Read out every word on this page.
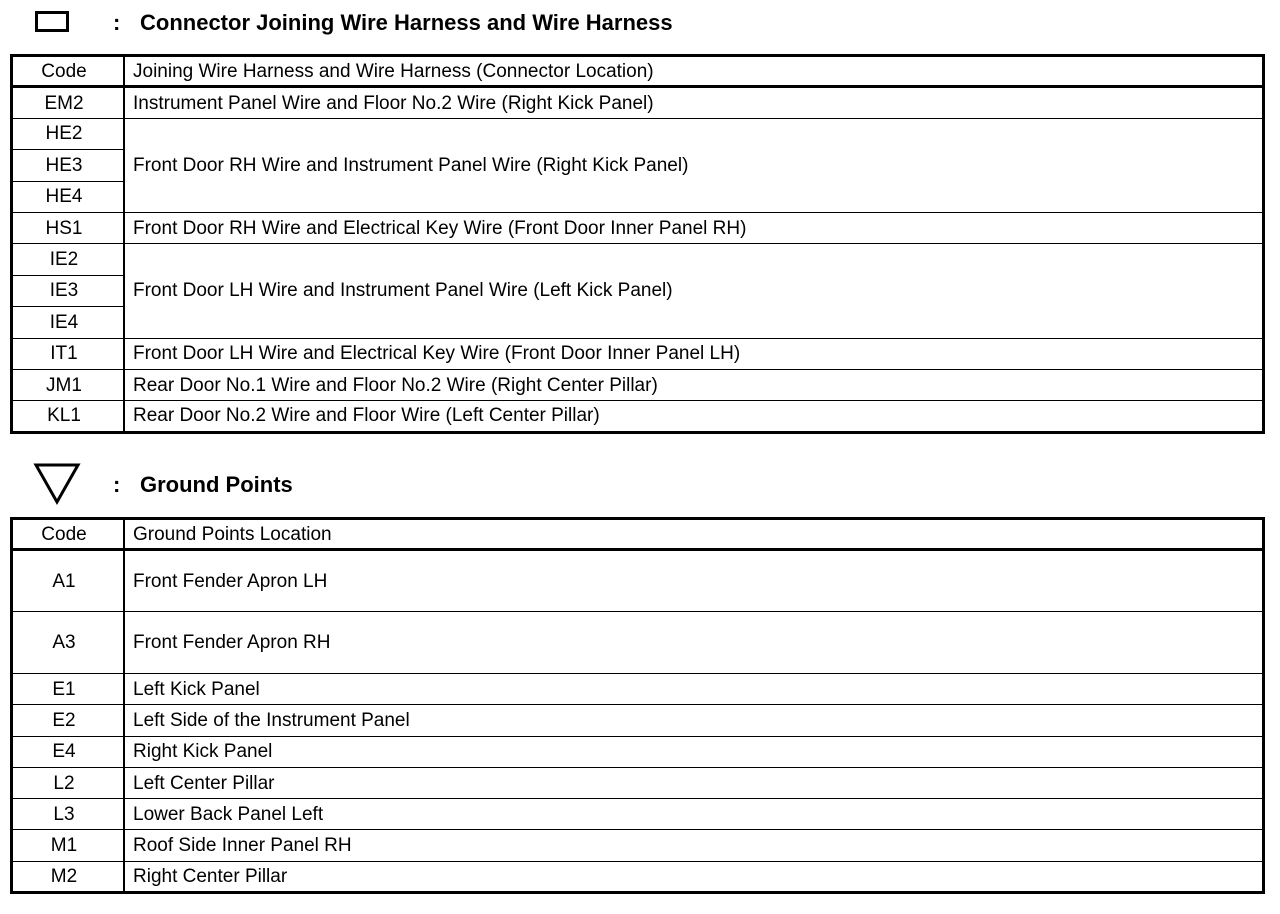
: Connector Joining Wire Harness and Wire Harness
Code	Joining Wire Harness and Wire Harness (Connector Location)
EM2	Instrument Panel Wire and Floor No.2 Wire (Right Kick Panel)
HE2	Front Door RH Wire and Instrument Panel Wire (Right Kick Panel)
HE3	
HE4	
HS1	Front Door RH Wire and Electrical Key Wire (Front Door Inner Panel RH)
IE2	Front Door LH Wire and Instrument Panel Wire (Left Kick Panel)
IE3	
IE4	
IT1	Front Door LH Wire and Electrical Key Wire (Front Door Inner Panel LH)
JM1	Rear Door No.1 Wire and Floor No.2 Wire (Right Center Pillar)
KL1	Rear Door No.2 Wire and Floor Wire (Left Center Pillar)
: Ground Points
Code	Ground Points Location
A1	Front Fender Apron LH
A3	Front Fender Apron RH
E1	Left Kick Panel
E2	Left Side of the Instrument Panel
E4	Right Kick Panel
L2	Left Center Pillar
L3	Lower Back Panel Left
M1	Roof Side Inner Panel RH
M2	Right Center Pillar
